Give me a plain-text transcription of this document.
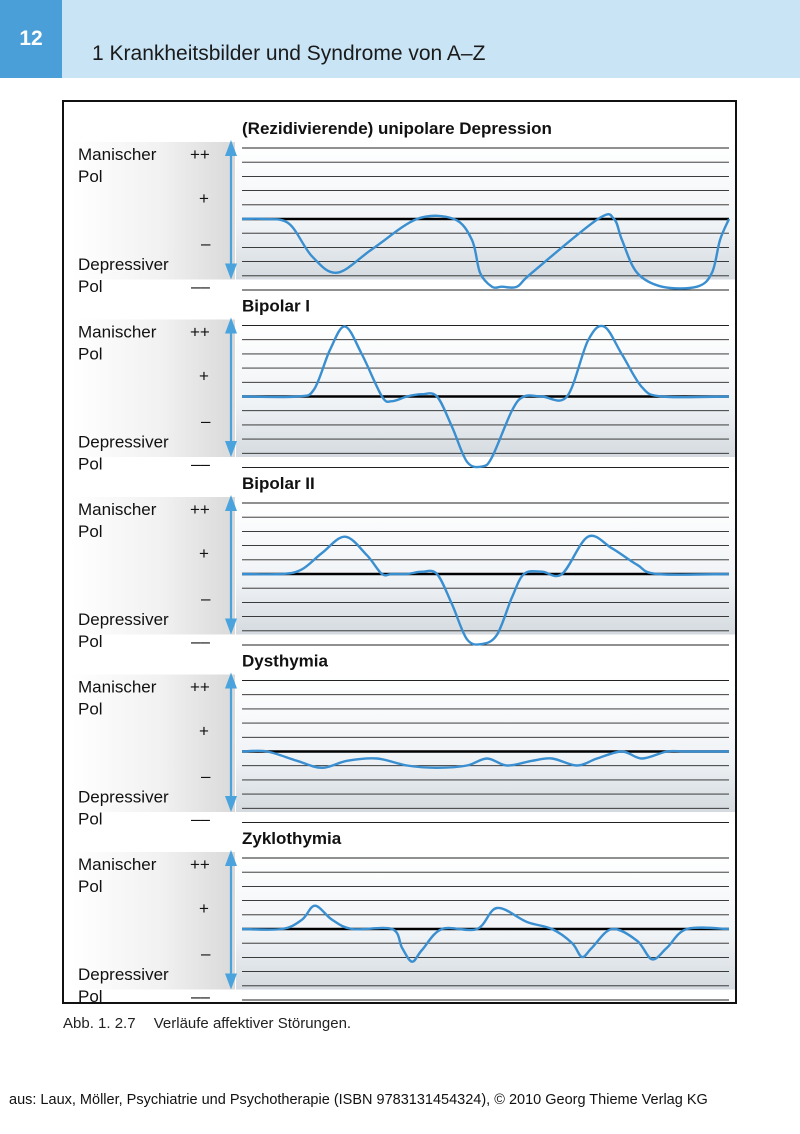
12
1 Krankheitsbilder und Syndrome von A–Z
(Rezidivierende) unipolare Depression
Manischer
Pol
Depressiver
Pol
++
+
–
––
Bipolar I
Manischer
Pol
Depressiver
Pol
++
+
–
––
Bipolar II
Manischer
Pol
Depressiver
Pol
++
+
–
––
Dysthymia
Manischer
Pol
Depressiver
Pol
++
+
–
––
Zyklothymia
Manischer
Pol
Depressiver
Pol
++
+
–
––
Abb. 1. 2.7 Verläufe affektiver Störungen.
aus: Laux, Möller, Psychiatrie und Psychotherapie (ISBN 9783131454324), © 2010 Georg Thieme Verlag KG
